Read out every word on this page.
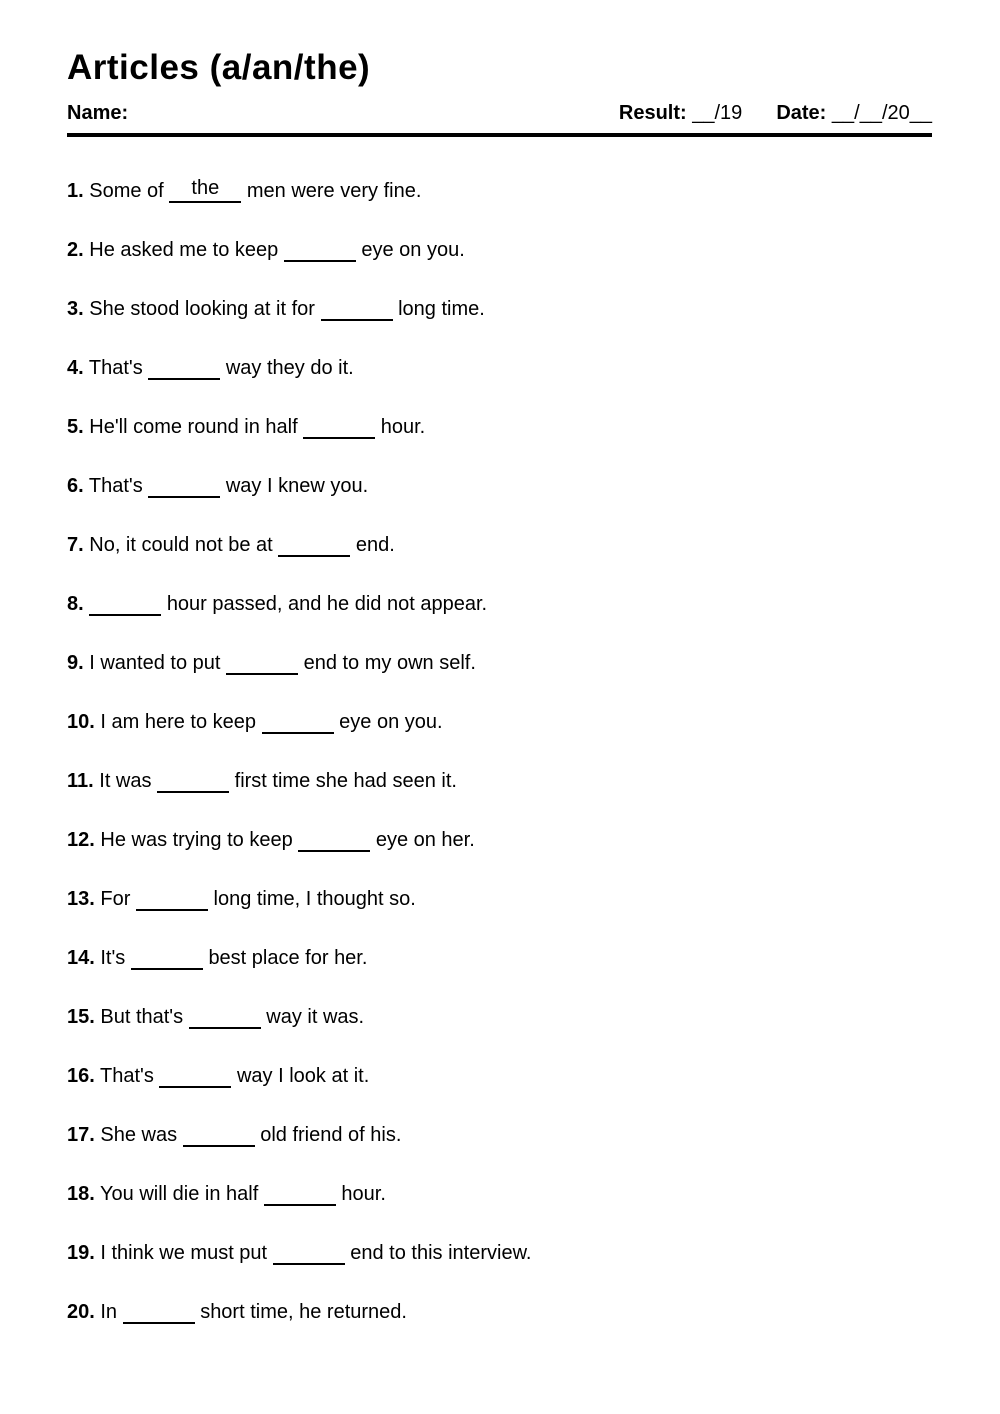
Articles (a/an/the)
Name:	Result: __/19 Date: __/__/20__

1. Some of	the	men were very fine.

2. He asked me to keep	eye on you.

3. She stood looking at it for	long time.

4. That's	way they do it.

5. He'll come round in half	hour.

6. That's	way I knew you.

7. No, it could not be at	end.

8.	hour passed, and he did not appear.

9. I wanted to put	end to my own self.

10. I am here to keep	eye on you.

11. It was	first time she had seen it.

12. He was trying to keep	eye on her.

13. For	long time, I thought so.

14. It's	best place for her.

15. But that's	way it was.

16. That's	way I look at it.

17. She was	old friend of his.

18. You will die in half	hour.

19. I think we must put	end to this interview.

20. In	short time, he returned.
